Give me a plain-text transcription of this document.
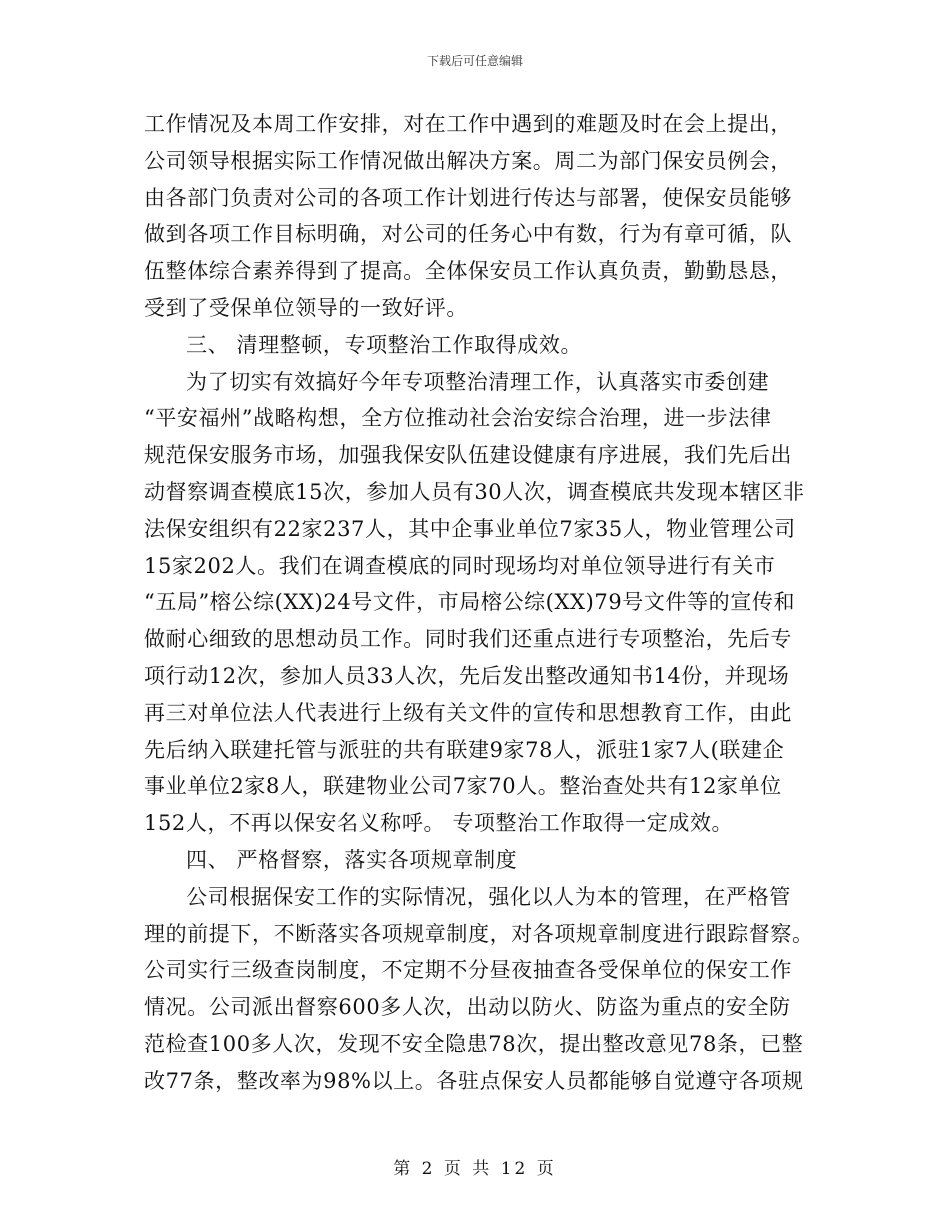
下载后可任意编辑
工作情况及本周工作安排，对在工作中遇到的难题及时在会上提出，
公司领导根据实际工作情况做出解决方案。周二为部门保安员例会，
由各部门负责对公司的各项工作计划进行传达与部署，使保安员能够
做到各项工作目标明确，对公司的任务心中有数，行为有章可循，队
伍整体综合素养得到了提高。全体保安员工作认真负责，勤勤恳恳，
受到了受保单位领导的一致好评。
三、 清理整顿，专项整治工作取得成效。
为了切实有效搞好今年专项整治清理工作，认真落实市委创建
“平安福州”战略构想，全方位推动社会治安综合治理，进一步法律
规范保安服务市场，加强我保安队伍建设健康有序进展，我们先后出
动督察调查模底15次，参加人员有30人次，调查模底共发现本辖区非
法保安组织有22家237人，其中企事业单位7家35人，物业管理公司
15家202人。我们在调查模底的同时现场均对单位领导进行有关市
“五局”榕公综(XX)24号文件，市局榕公综(XX)79号文件等的宣传和
做耐心细致的思想动员工作。同时我们还重点进行专项整治，先后专
项行动12次，参加人员33人次，先后发出整改通知书14份，并现场
再三对单位法人代表进行上级有关文件的宣传和思想教育工作，由此
先后纳入联建托管与派驻的共有联建9家78人，派驻1家7人(联建企
事业单位2家8人，联建物业公司7家70人。整治查处共有12家单位
152人，不再以保安名义称呼。 专项整治工作取得一定成效。
四、 严格督察，落实各项规章制度
公司根据保安工作的实际情况，强化以人为本的管理，在严格管
理的前提下，不断落实各项规章制度，对各项规章制度进行跟踪督察。
公司实行三级查岗制度，不定期不分昼夜抽查各受保单位的保安工作
情况。公司派出督察600多人次，出动以防火、防盗为重点的安全防
范检查100多人次，发现不安全隐患78次，提出整改意见78条，已整
改77条，整改率为98%以上。各驻点保安人员都能够自觉遵守各项规
第 2 页 共 12 页
